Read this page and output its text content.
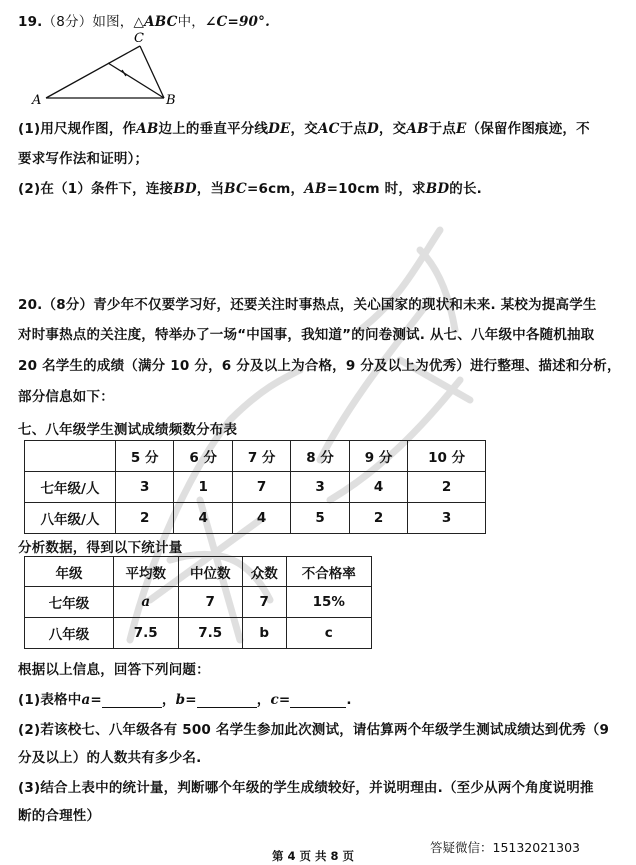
19.（8分）如图，△ABC中，∠C=90°.
A	B
C
(1)用尺规作图，作AB边上的垂直平分线DE，交AC于点D，交AB于点E（保留作图痕迹，不
要求写作法和证明）；
(2)在（1）条件下，连接BD，当BC=6cm，AB=10cm 时，求BD的长.
20.（8分）青少年不仅要学习好，还要关注时事热点，关心国家的现状和未来. 某校为提高学生
对时事热点的关注度，特举办了一场“中国事，我知道”的问卷测试. 从七、八年级中各随机抽取
20 名学生的成绩（满分 10 分，6 分及以上为合格，9 分及以上为优秀）进行整理、描述和分析，
部分信息如下：
七、八年级学生测试成绩频数分布表
	5 分	6 分	7 分	8 分	9 分	10 分
七年级/人	3	1	7	3	4	2
八年级/人	2	4	4	5	2	3
分析数据，得到以下统计量
年级	平均数	中位数	众数	不合格率
七年级	a	7	7	15%
八年级	7.5	7.5	b	c
根据以上信息，回答下列问题：
(1)表格中a=	，b=	，c=	.
(2)若该校七、八年级各有 500 名学生参加此次测试，请估算两个年级学生测试成绩达到优秀（9
分及以上）的人数共有多少名.
(3)结合上表中的统计量，判断哪个年级的学生成绩较好，并说明理由.（至少从两个角度说明推
断的合理性）
答疑微信：15132021303
第 4 页 共 8 页
